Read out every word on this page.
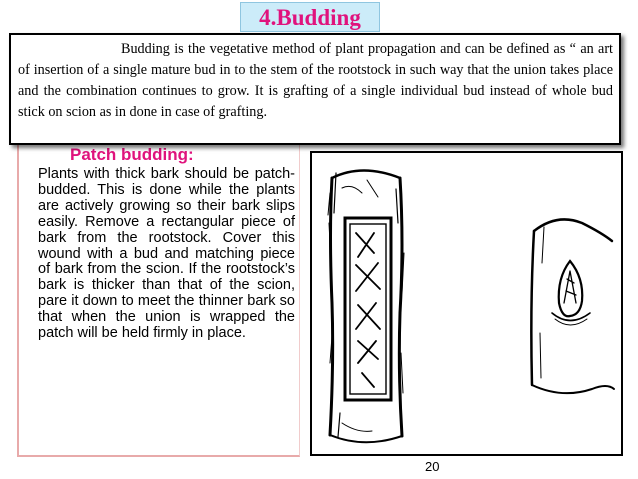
4.Budding
Budding is the vegetative method of plant propagation and can be defined as “ an art of insertion of a single mature bud in to the stem of the rootstock in such way that the union takes place and the combination continues to grow. It is grafting of a single individual bud instead of whole bud stick on scion as in done in case of grafting.
Patch budding:
Plants with thick bark should be patch-budded. This is done while the plants are actively growing so their bark slips easily. Remove a rectangular piece of bark from the rootstock. Cover this wound with a bud and matching piece of bark from the scion. If the rootstock’s bark is thicker than that of the scion, pare it down to meet the thinner bark so that when the union is wrapped the patch will be held firmly in place.
20
